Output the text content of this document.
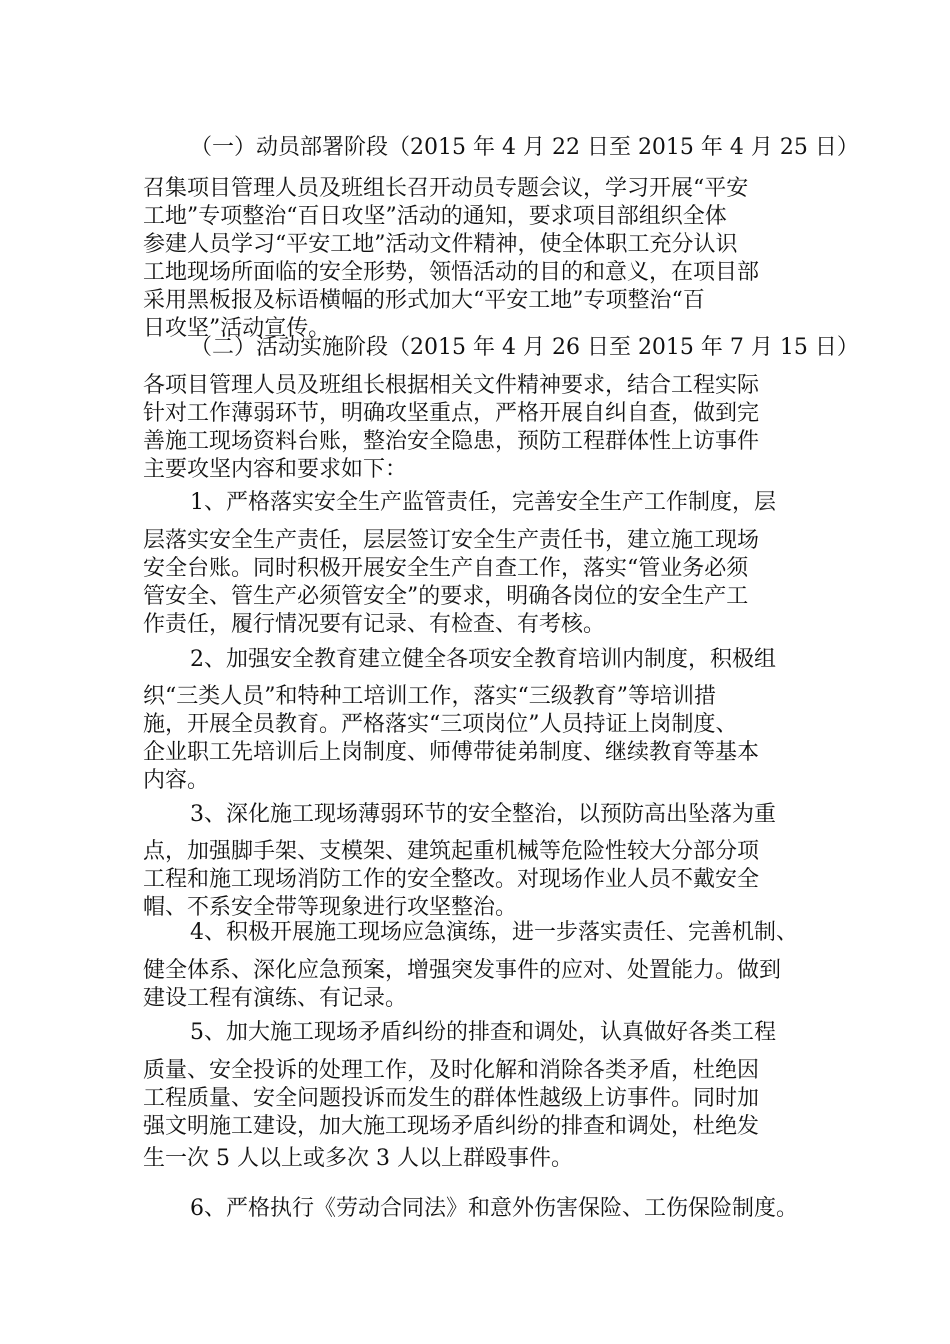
（一）动员部署阶段（2015 年 4 月 22 日至 2015 年 4 月 25 日）
召集项目管理人员及班组长召开动员专题会议，学习开展“平安
工地”专项整治“百日攻坚”活动的通知，要求项目部组织全体
参建人员学习“平安工地”活动文件精神，使全体职工充分认识
工地现场所面临的安全形势，领悟活动的目的和意义，在项目部
采用黑板报及标语横幅的形式加大“平安工地”专项整治“百
日攻坚”活动宣传。
（二）活动实施阶段（2015 年 4 月 26 日至 2015 年 7 月 15 日）
各项目管理人员及班组长根据相关文件精神要求，结合工程实际
针对工作薄弱环节，明确攻坚重点，严格开展自纠自查，做到完
善施工现场资料台账，整治安全隐患，预防工程群体性上访事件
主要攻坚内容和要求如下：
1、严格落实安全生产监管责任，完善安全生产工作制度，层
层落实安全生产责任，层层签订安全生产责任书，建立施工现场
安全台账。同时积极开展安全生产自查工作，落实“管业务必须
管安全、管生产必须管安全”的要求，明确各岗位的安全生产工
作责任，履行情况要有记录、有检查、有考核。
2、加强安全教育建立健全各项安全教育培训内制度，积极组
织“三类人员”和特种工培训工作，落实“三级教育”等培训措
施，开展全员教育。严格落实“三项岗位”人员持证上岗制度、
企业职工先培训后上岗制度、师傅带徒弟制度、继续教育等基本
内容。
3、深化施工现场薄弱环节的安全整治，以预防高出坠落为重
点，加强脚手架、支模架、建筑起重机械等危险性较大分部分项
工程和施工现场消防工作的安全整改。对现场作业人员不戴安全
帽、不系安全带等现象进行攻坚整治。
4、积极开展施工现场应急演练，进一步落实责任、完善机制、
健全体系、深化应急预案，增强突发事件的应对、处置能力。做到
建设工程有演练、有记录。
5、加大施工现场矛盾纠纷的排查和调处，认真做好各类工程
质量、安全投诉的处理工作，及时化解和消除各类矛盾，杜绝因
工程质量、安全问题投诉而发生的群体性越级上访事件。同时加
强文明施工建设，加大施工现场矛盾纠纷的排查和调处，杜绝发
生一次 5 人以上或多次 3 人以上群殴事件。
6、严格执行《劳动合同法》和意外伤害保险、工伤保险制度。
